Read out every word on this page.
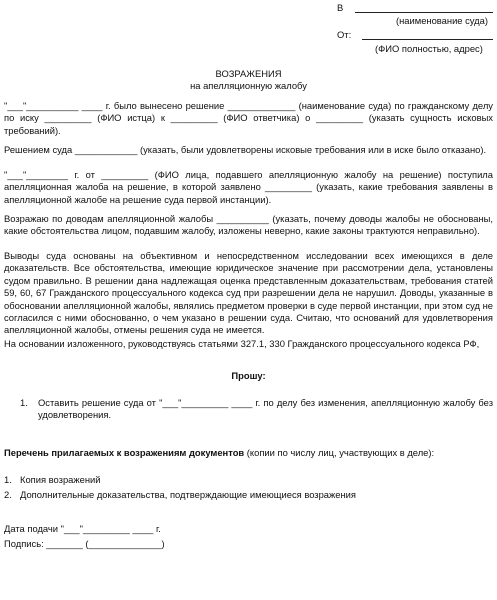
В
(наименование суда)
От:
(ФИО полностью, адрес)
ВОЗРАЖЕНИЯ
на апелляционную жалобу
"___"__________ ____ г. было вынесено решение _____________ (наименование суда) по гражданскому делу по иску _________ (ФИО истца) к _________ (ФИО ответчика) о _________ (указать сущность исковых требований).
Решением суда ____________ (указать, были удовлетворены исковые требования или в иске было отказано).
"___"________ г. от _________ (ФИО лица, подавшего апелляционную жалобу на решение) поступила апелляционная жалоба на решение, в которой заявлено _________ (указать, какие требования заявлены в апелляционной жалобе на решение суда первой инстанции).
Возражаю по доводам апелляционной жалобы __________ (указать, почему доводы жалобы не обоснованы, какие обстоятельства лицом, подавшим жалобу, изложены неверно, какие законы трактуются неправильно).
Выводы суда основаны на объективном и непосредственном исследовании всех имеющихся в деле доказательств. Все обстоятельства, имеющие юридическое значение при рассмотрении дела, установлены судом правильно. В решении дана надлежащая оценка представленным доказательствам, требования статей 59, 60, 67 Гражданского процессуального кодекса суд при разрешении дела не нарушил. Доводы, указанные в обосновании апелляционной жалобы, являлись предметом проверки в суде первой инстанции, при этом суд не согласился с ними обоснованно, о чем указано в решении суда. Считаю, что оснований для удовлетворения апелляционной жалобы, отмены решения суда не имеется.
На основании изложенного, руководствуясь статьями 327.1, 330 Гражданского процессуального кодекса РФ,
Прошу:
1. Оставить решение суда от "___"_________ ____ г. по делу без изменения, апелляционную жалобу без удовлетворения.
Перечень прилагаемых к возражениям документов (копии по числу лиц, участвующих в деле):
1. Копия возражений
2. Дополнительные доказательства, подтверждающие имеющиеся возражения
Дата подачи "___"_________ ____ г.
Подпись: _______ (______________)
